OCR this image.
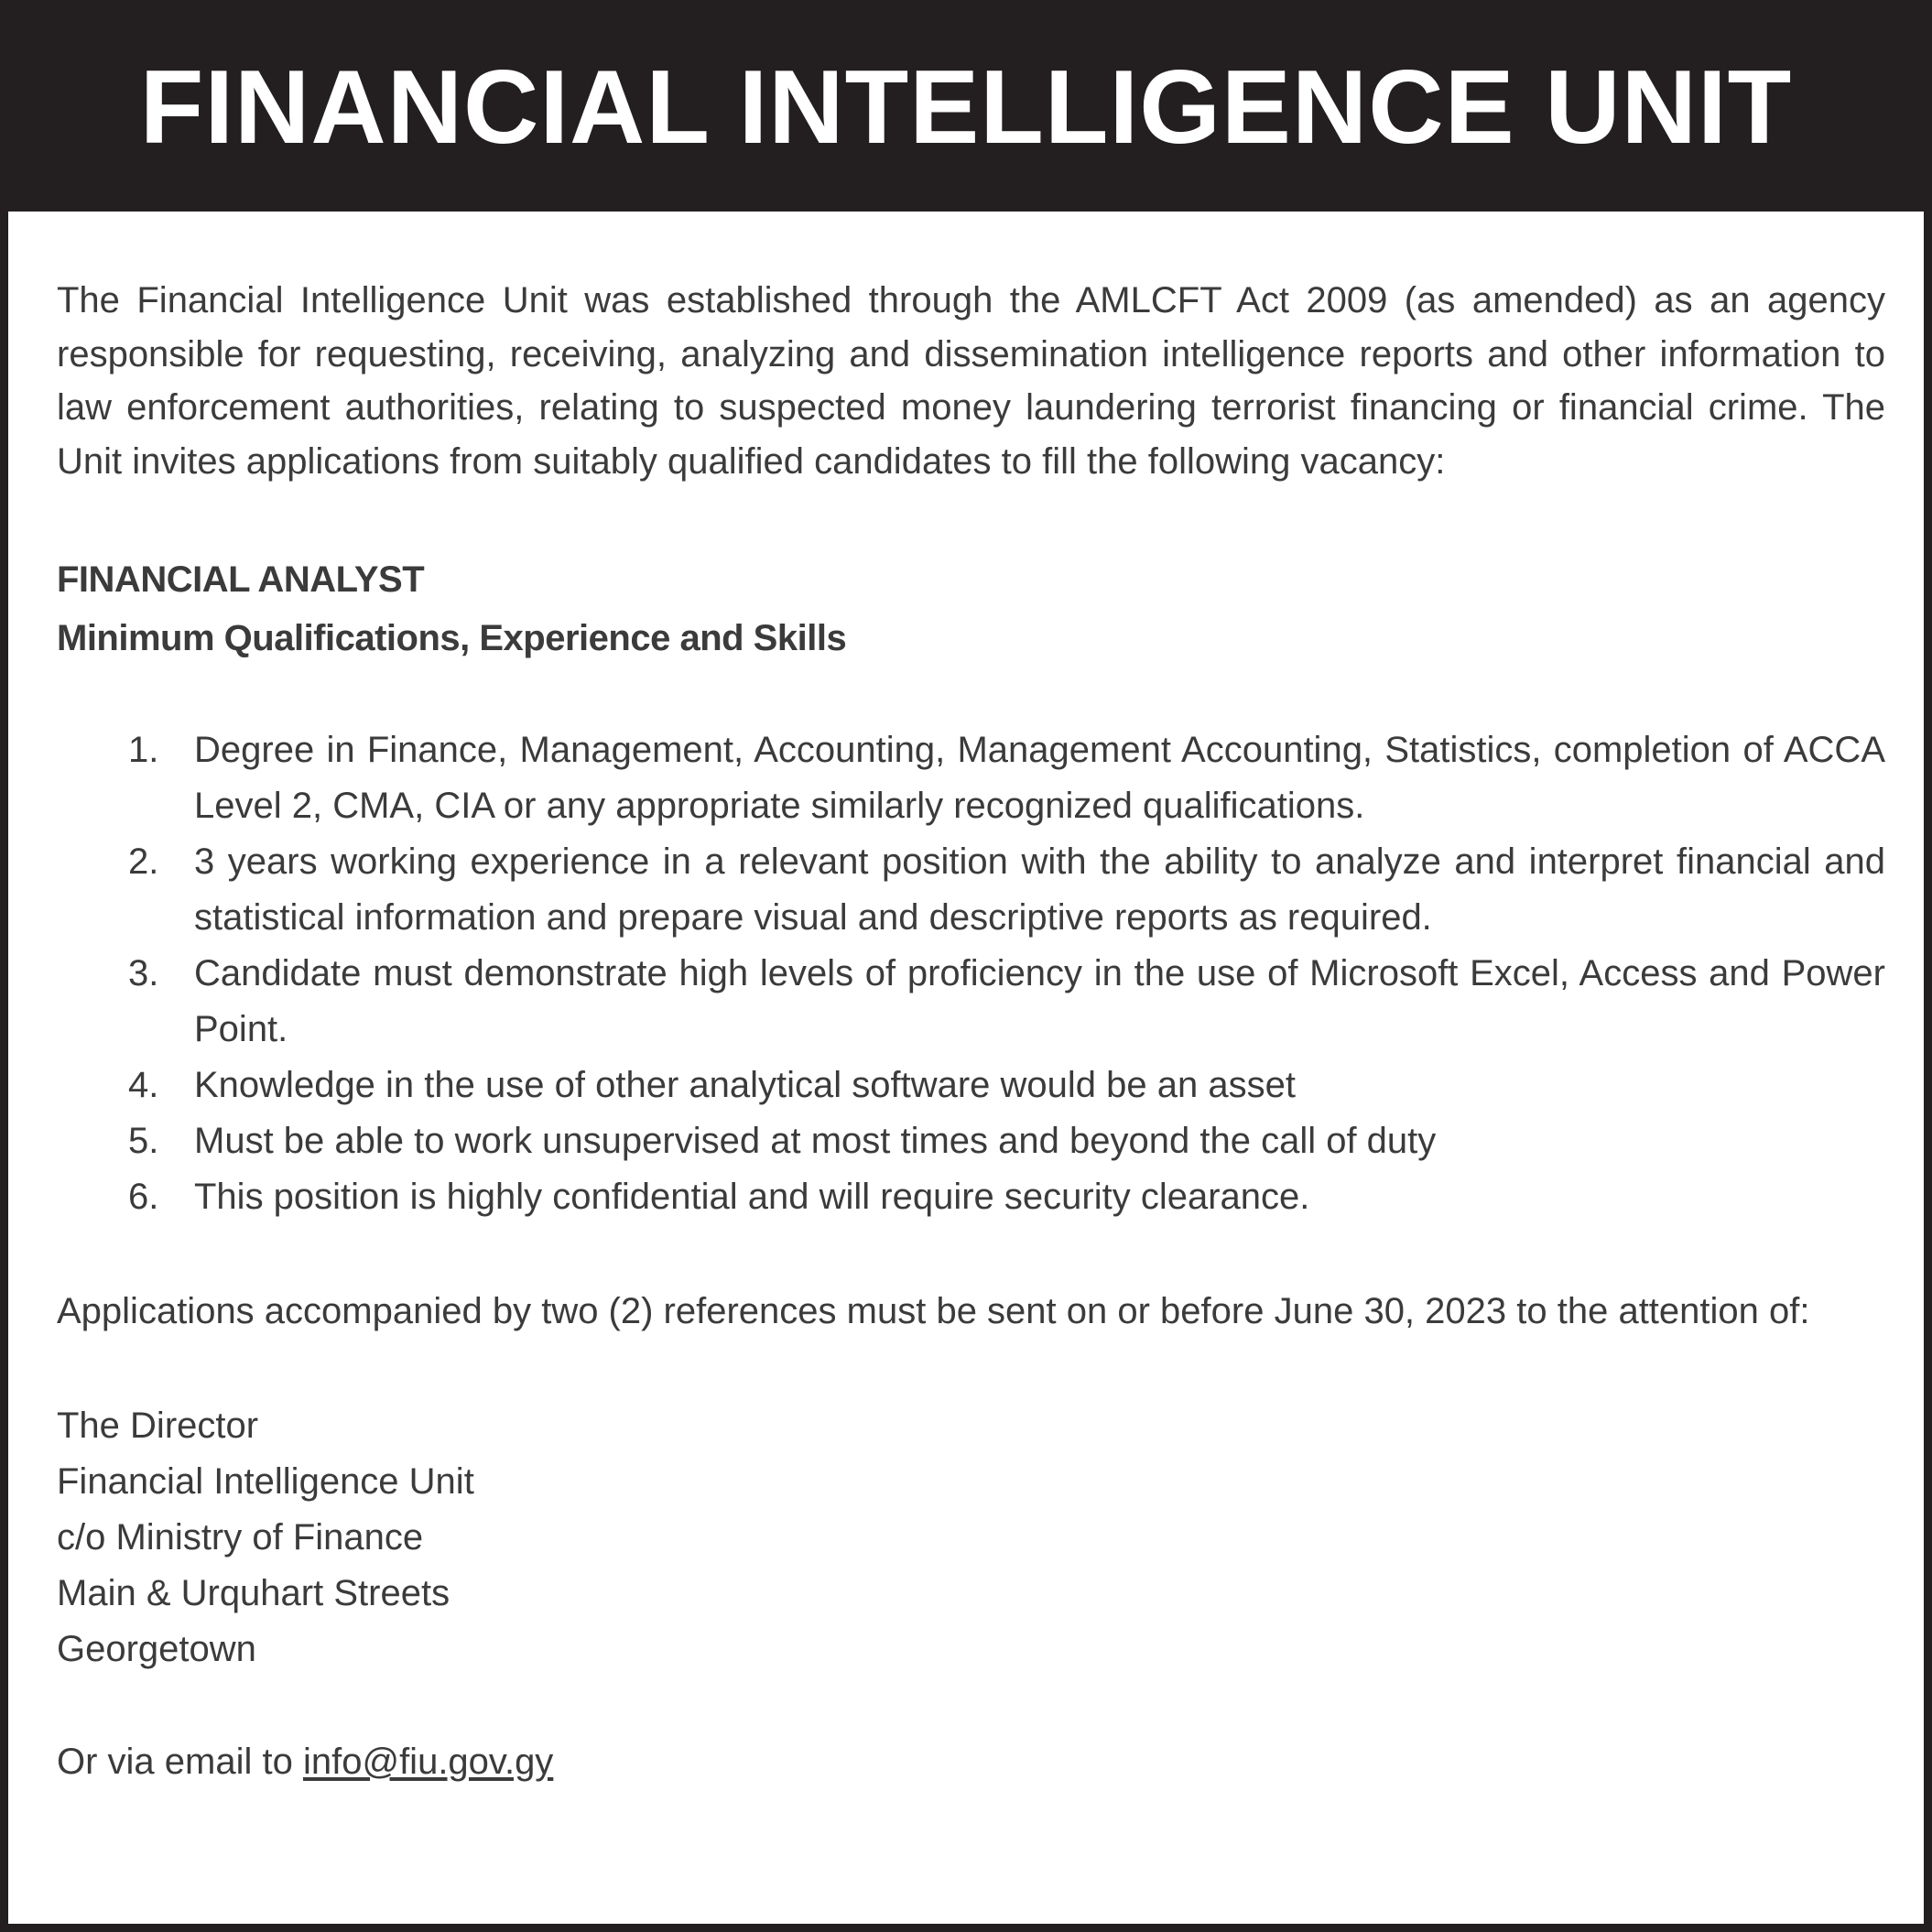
FINANCIAL INTELLIGENCE UNIT

The Financial Intelligence Unit was established through the AMLCFT Act 2009 (as amended) as an agency responsible for requesting, receiving, analyzing and dissemination intelligence reports and other information to law enforcement authorities, relating to suspected money laundering terrorist financing or financial crime. The Unit invites applications from suitably qualified candidates to fill the following vacancy:

FINANCIAL ANALYST

Minimum Qualifications, Experience and Skills

1. Degree in Finance, Management, Accounting, Management Accounting, Statistics, completion of ACCA Level 2, CMA, CIA or any appropriate similarly recognized qualifications.
2. 3 years working experience in a relevant position with the ability to analyze and interpret financial and statistical information and prepare visual and descriptive reports as required.
3. Candidate must demonstrate high levels of proficiency in the use of Microsoft Excel, Access and Power Point.
4. Knowledge in the use of other analytical software would be an asset
5. Must be able to work unsupervised at most times and beyond the call of duty
6. This position is highly confidential and will require security clearance.

Applications accompanied by two (2) references must be sent on or before June 30, 2023 to the attention of:

The Director
Financial Intelligence Unit
c/o Ministry of Finance
Main & Urquhart Streets
Georgetown
Or via email to info@fiu.gov.gy
